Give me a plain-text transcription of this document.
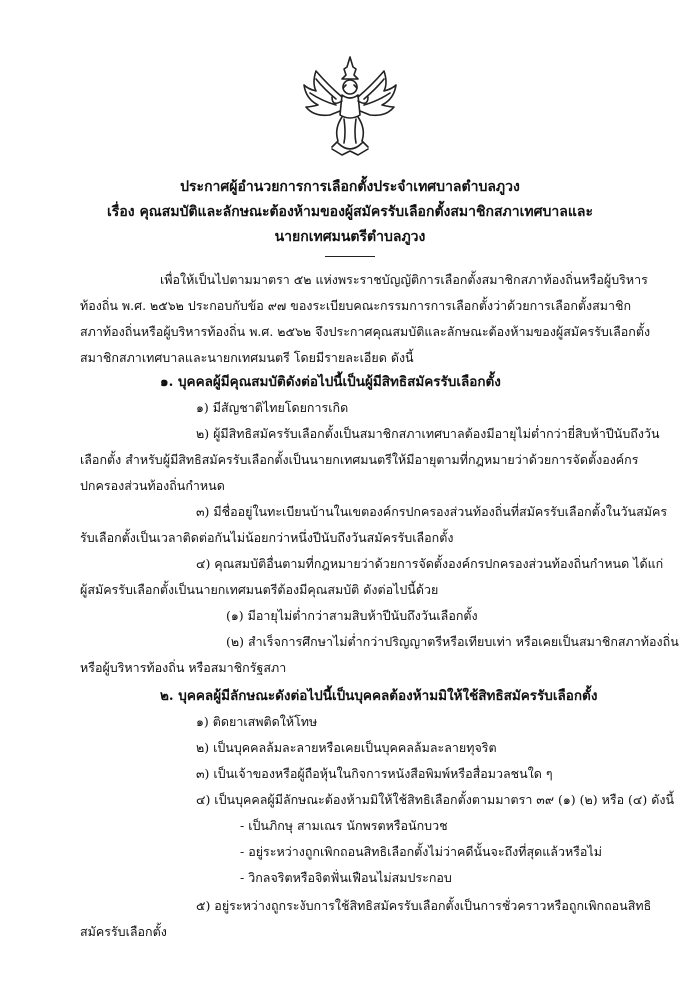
ประกาศผู้อำนวยการการเลือกตั้งประจำเทศบาลตำบลภูวง
เรื่อง คุณสมบัติและลักษณะต้องห้ามของผู้สมัครรับเลือกตั้งสมาชิกสภาเทศบาลและ
นายกเทศมนตรีตำบลภูวง
เพื่อให้เป็นไปตามมาตรา ๕๒ แห่งพระราชบัญญัติการเลือกตั้งสมาชิกสภาท้องถิ่นหรือผู้บริหาร
ท้องถิ่น พ.ศ. ๒๕๖๒ ประกอบกับข้อ ๙๗ ของระเบียบคณะกรรมการการเลือกตั้งว่าด้วยการเลือกตั้งสมาชิก
สภาท้องถิ่นหรือผู้บริหารท้องถิ่น พ.ศ. ๒๕๖๒ จึงประกาศคุณสมบัติและลักษณะต้องห้ามของผู้สมัครรับเลือกตั้ง
สมาชิกสภาเทศบาลและนายกเทศมนตรี โดยมีรายละเอียด ดังนี้
๑. บุคคลผู้มีคุณสมบัติดังต่อไปนี้เป็นผู้มีสิทธิสมัครรับเลือกตั้ง
๑) มีสัญชาติไทยโดยการเกิด
๒) ผู้มีสิทธิสมัครรับเลือกตั้งเป็นสมาชิกสภาเทศบาลต้องมีอายุไม่ต่ำกว่ายี่สิบห้าปีนับถึงวัน
เลือกตั้ง สำหรับผู้มีสิทธิสมัครรับเลือกตั้งเป็นนายกเทศมนตรีให้มีอายุตามที่กฎหมายว่าด้วยการจัดตั้งองค์กร
ปกครองส่วนท้องถิ่นกำหนด
๓) มีชื่ออยู่ในทะเบียนบ้านในเขตองค์กรปกครองส่วนท้องถิ่นที่สมัครรับเลือกตั้งในวันสมัคร
รับเลือกตั้งเป็นเวลาติดต่อกันไม่น้อยกว่าหนึ่งปีนับถึงวันสมัครรับเลือกตั้ง
๔) คุณสมบัติอื่นตามที่กฎหมายว่าด้วยการจัดตั้งองค์กรปกครองส่วนท้องถิ่นกำหนด ได้แก่
ผู้สมัครรับเลือกตั้งเป็นนายกเทศมนตรีต้องมีคุณสมบัติ ดังต่อไปนี้ด้วย
(๑) มีอายุไม่ต่ำกว่าสามสิบห้าปีนับถึงวันเลือกตั้ง
(๒) สำเร็จการศึกษาไม่ต่ำกว่าปริญญาตรีหรือเทียบเท่า หรือเคยเป็นสมาชิกสภาท้องถิ่น
หรือผู้บริหารท้องถิ่น หรือสมาชิกรัฐสภา
๒. บุคคลผู้มีลักษณะดังต่อไปนี้เป็นบุคคลต้องห้ามมิให้ใช้สิทธิสมัครรับเลือกตั้ง
๑) ติดยาเสพติดให้โทษ
๒) เป็นบุคคลล้มละลายหรือเคยเป็นบุคคลล้มละลายทุจริต
๓) เป็นเจ้าของหรือผู้ถือหุ้นในกิจการหนังสือพิมพ์หรือสื่อมวลชนใด ๆ
๔) เป็นบุคคลผู้มีลักษณะต้องห้ามมิให้ใช้สิทธิเลือกตั้งตามมาตรา ๓๙ (๑) (๒) หรือ (๔) ดังนี้
- เป็นภิกษุ สามเณร นักพรตหรือนักบวช
- อยู่ระหว่างถูกเพิกถอนสิทธิเลือกตั้งไม่ว่าคดีนั้นจะถึงที่สุดแล้วหรือไม่
- วิกลจริตหรือจิตฟั่นเฟือนไม่สมประกอบ
๕) อยู่ระหว่างถูกระงับการใช้สิทธิสมัครรับเลือกตั้งเป็นการชั่วคราวหรือถูกเพิกถอนสิทธิ
สมัครรับเลือกตั้ง
